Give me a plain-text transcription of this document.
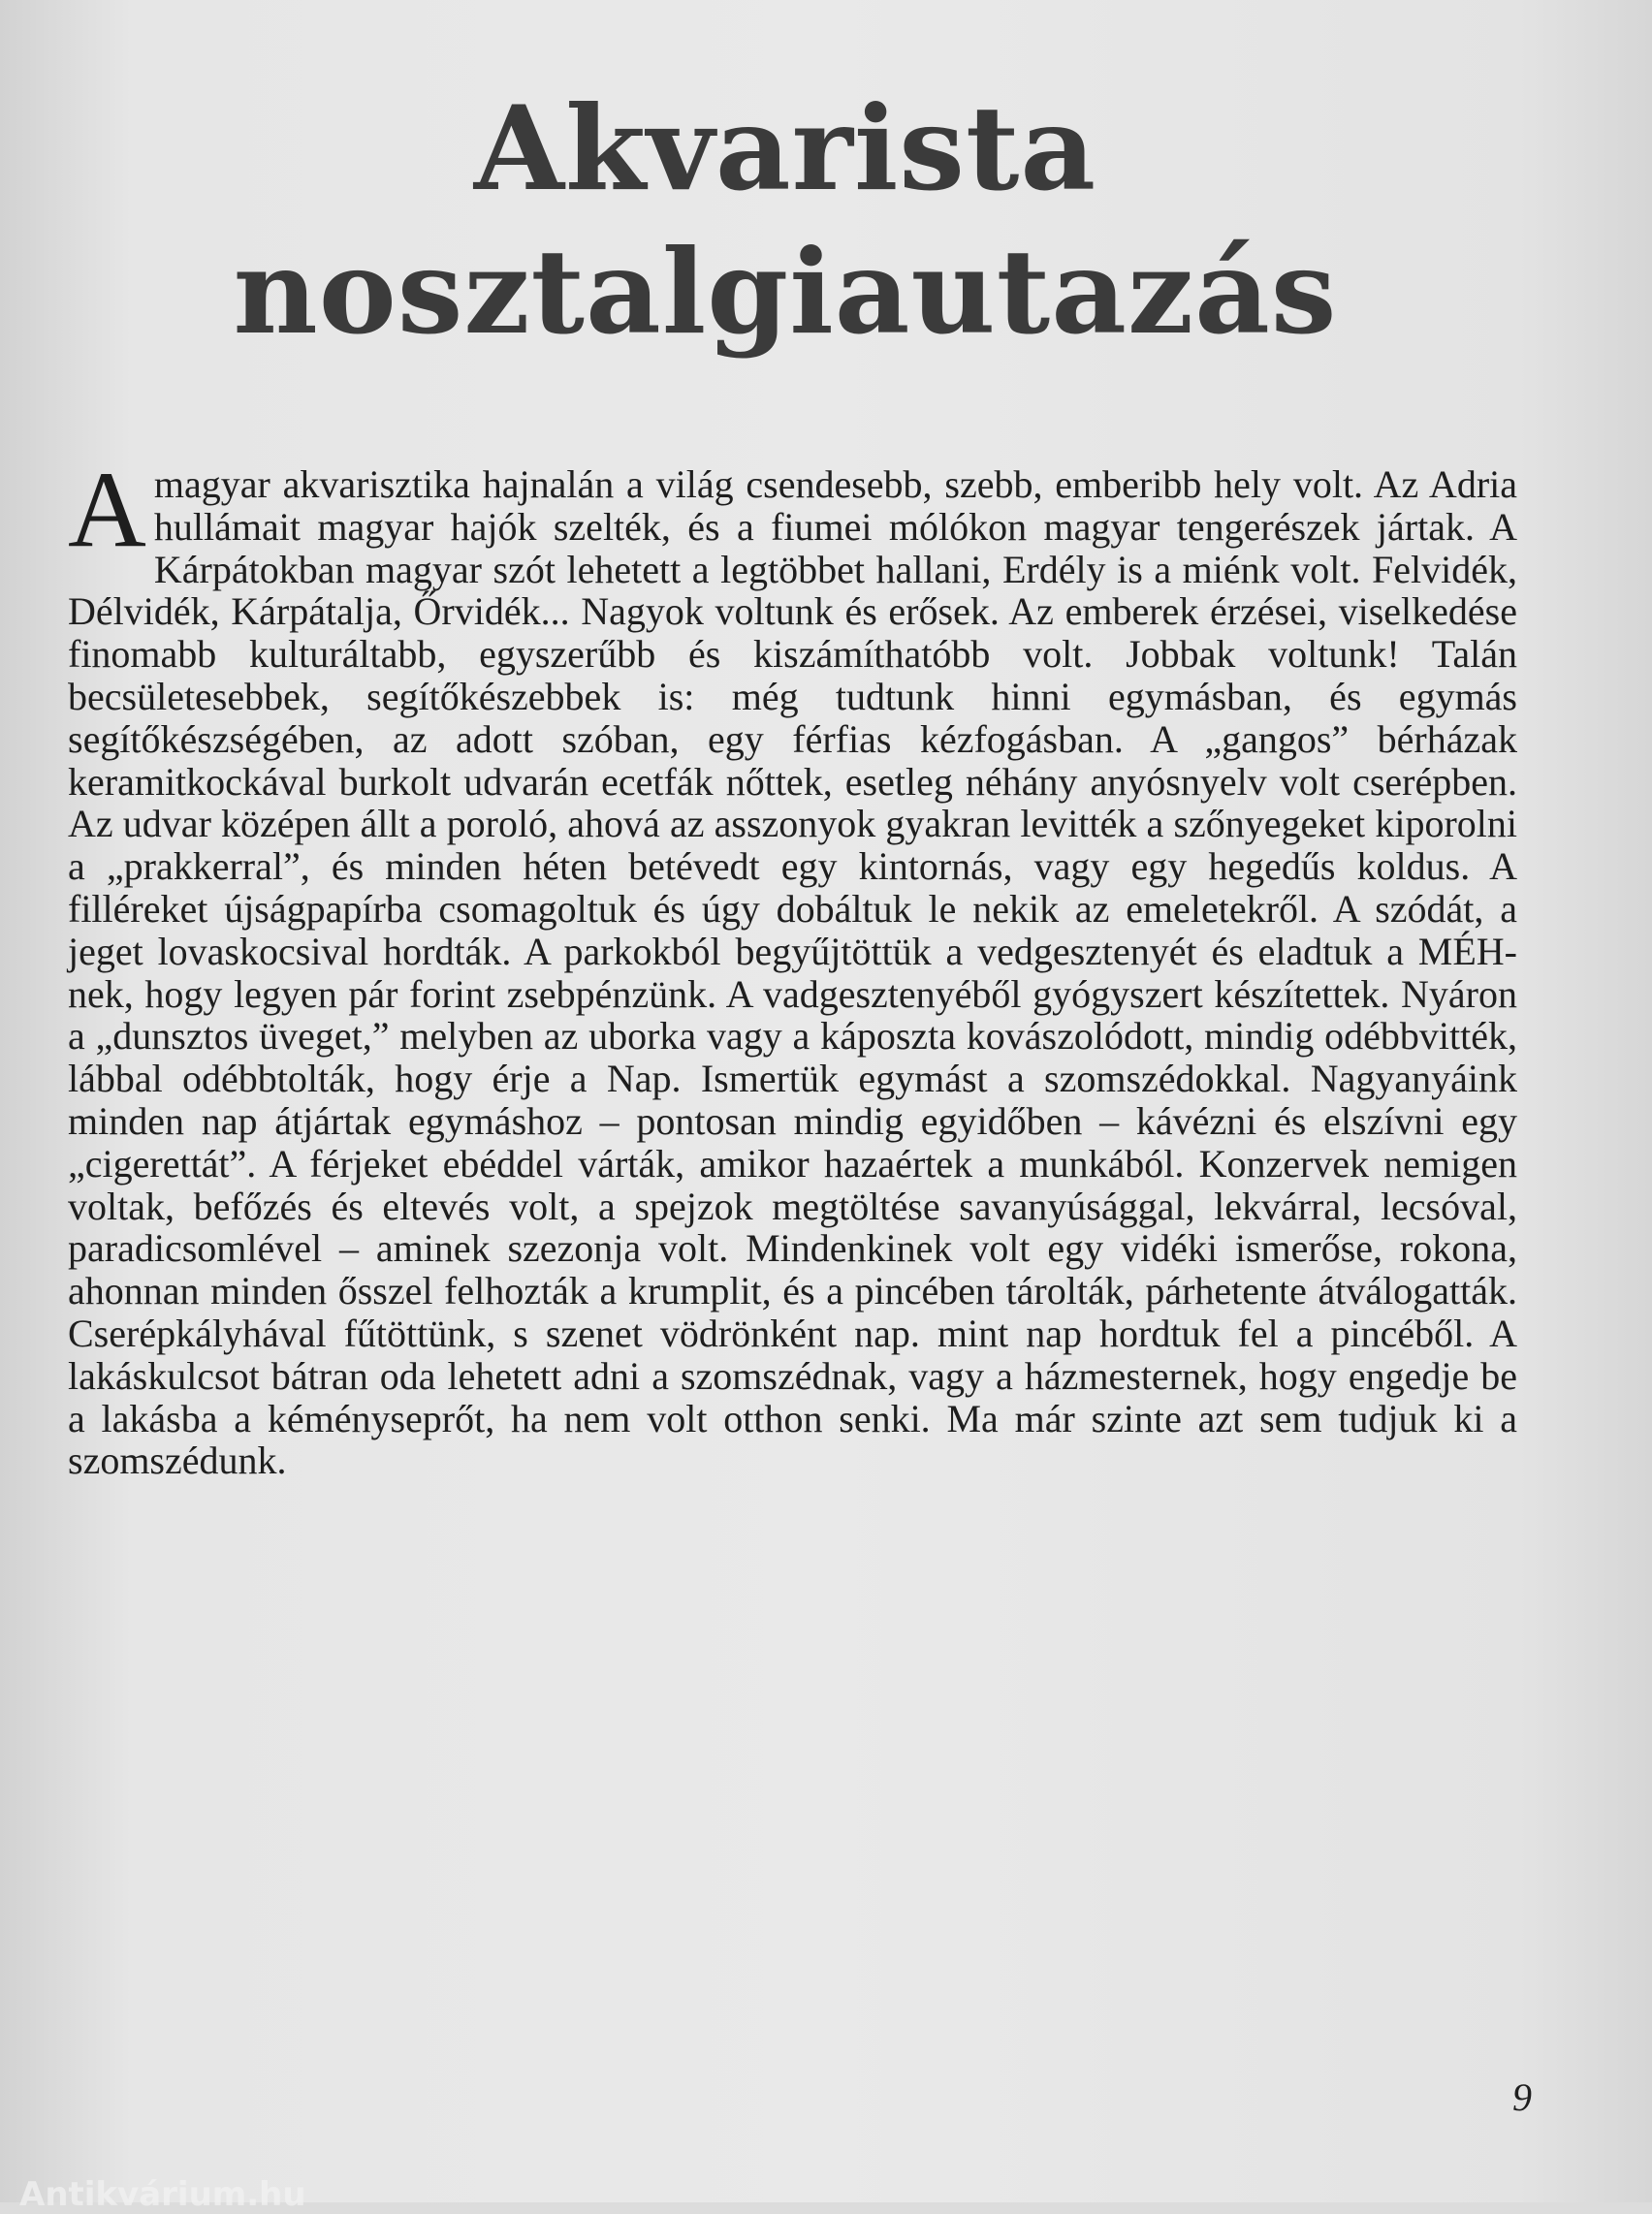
Akvarista
nosztalgiautazás

A magyar akvarisztika hajnalán a világ csendesebb, szebb, emberibb hely volt. Az Adria hullámait magyar hajók szelték, és a fiumei mólókon magyar tengerészek jártak. A Kárpátokban magyar szót lehetett a legtöbbet hallani, Erdély is a miénk volt. Felvidék, Délvidék, Kárpátalja, Őrvidék... Nagyok voltunk és erősek. Az emberek érzései, viselkedése finomabb kulturáltabb, egyszerűbb és kiszámíthatóbb volt. Jobbak voltunk! Talán becsületesebbek, segítőkészebbek is: még tudtunk hinni egymásban, és egymás segítőkészségében, az adott szóban, egy férfias kézfogásban. A „gangos” bérházak keramitkockával burkolt udvarán ecetfák nőttek, esetleg néhány anyósnyelv volt cserépben. Az udvar középen állt a poroló, ahová az asszonyok gyakran levitték a szőnyegeket kiporolni a „prakkerral”, és minden héten betévedt egy kintornás, vagy egy hegedűs koldus. A filléreket újságpapírba csomagoltuk és úgy dobáltuk le nekik az emeletekről. A szódát, a jeget lovaskocsival hordták. A parkokból begyűjtöttük a vedgesztenyét és eladtuk a MÉH-nek, hogy legyen pár forint zsebpénzünk. A vadgesztenyéből gyógyszert készítettek. Nyáron a „dunsztos üveget,” melyben az uborka vagy a káposzta kovászolódott, mindig odébbvitték, lábbal odébbtolták, hogy érje a Nap. Ismertük egymást a szomszédokkal. Nagyanyáink minden nap átjártak egymáshoz – pontosan mindig egyidőben – kávézni és elszívni egy „cigerettát”. A férjeket ebéddel várták, amikor hazaértek a munkából. Konzervek nemigen voltak, befőzés és eltevés volt, a spejzok megtöltése savanyúsággal, lekvárral, lecsóval, paradicsomlével – aminek szezonja volt. Mindenkinek volt egy vidéki ismerőse, rokona, ahonnan minden ősszel felhozták a krumplit, és a pincében tárolták, párhetente átválogatták. Cserépkályhával fűtöttünk, s szenet vödrönként nap. mint nap hordtuk fel a pincéből. A lakáskulcsot bátran oda lehetett adni a szomszédnak, vagy a házmesternek, hogy engedje be a lakásba a kéményseprőt, ha nem volt otthon senki. Ma már szinte azt sem tudjuk ki a szomszédunk.

9
Antikvárium.hu
